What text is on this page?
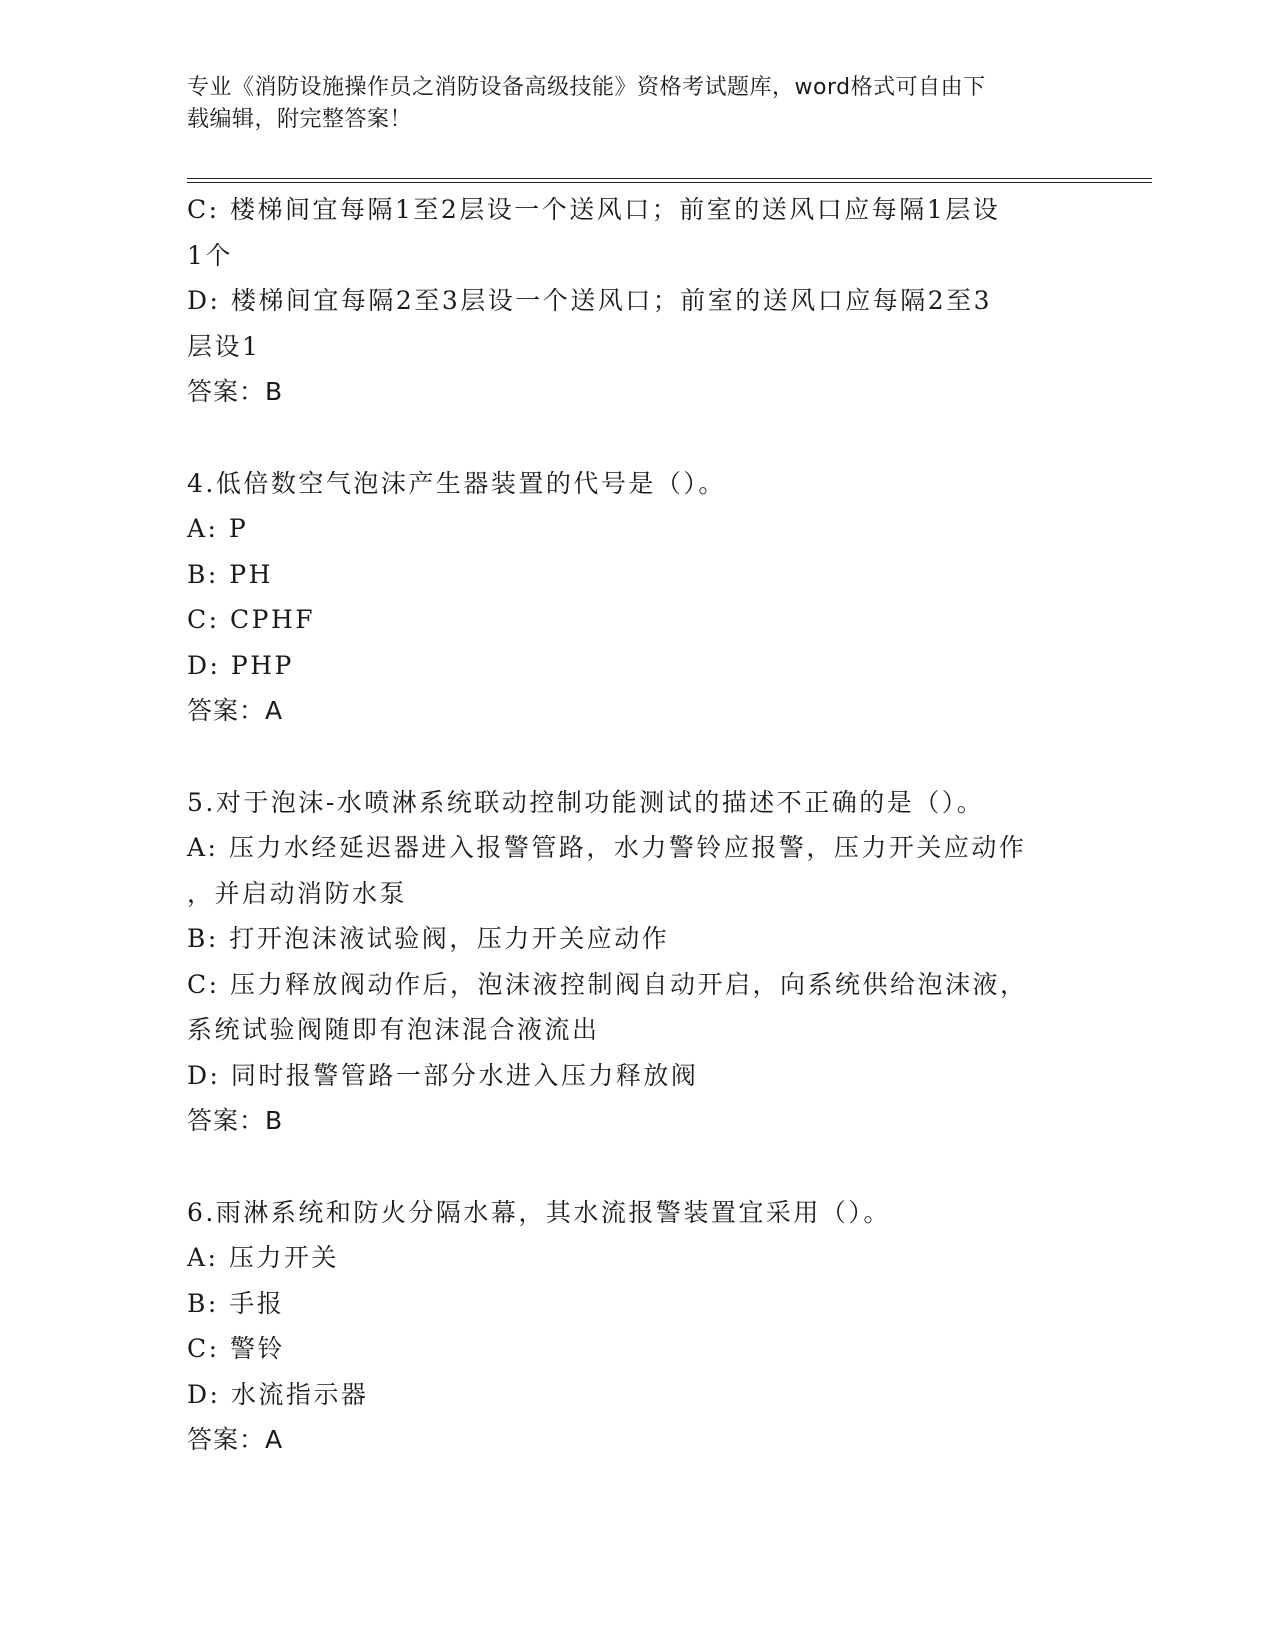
专业《消防设施操作员之消防设备高级技能》资格考试题库，word格式可自由下
载编辑，附完整答案！
C: 楼梯间宜每隔1至2层设一个送风口；前室的送风口应每隔1层设
1个
D: 楼梯间宜每隔2至3层设一个送风口；前室的送风口应每隔2至3
层设1
答案：B
4.低倍数空气泡沫产生器装置的代号是（）。
A: P
B: PH
C: CPHF
D: PHP
答案：A
5.对于泡沫-水喷淋系统联动控制功能测试的描述不正确的是（）。
A: 压力水经延迟器进入报警管路，水力警铃应报警，压力开关应动作
，并启动消防水泵
B: 打开泡沫液试验阀，压力开关应动作
C: 压力释放阀动作后，泡沫液控制阀自动开启，向系统供给泡沫液，
系统试验阀随即有泡沫混合液流出
D: 同时报警管路一部分水进入压力释放阀
答案：B
6.雨淋系统和防火分隔水幕，其水流报警装置宜采用（）。
A: 压力开关
B: 手报
C: 警铃
D: 水流指示器
答案：A
